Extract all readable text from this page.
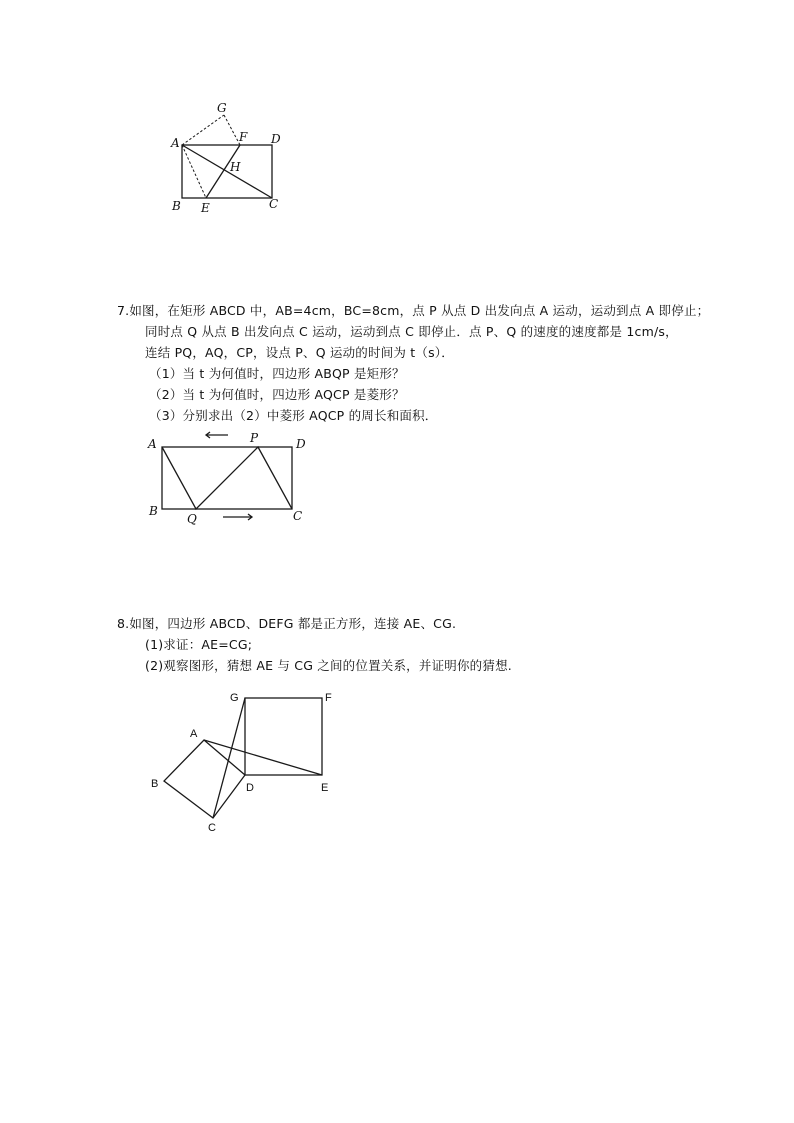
G
A	F D
H
B E	C
7.如图，在矩形 ABCD 中，AB=4cm，BC=8cm，点 P 从点 D 出发向点 A 运动，运动到点 A 即停止；
同时点 Q 从点 B 出发向点 C 运动，运动到点 C 即停止．点 P、Q 的速度的速度都是 1cm/s，
连结 PQ，AQ，CP，设点 P、Q 运动的时间为 t（s）．
（1）当 t 为何值时，四边形 ABQP 是矩形？
（2）当 t 为何值时，四边形 AQCP 是菱形？
（3）分别求出（2）中菱形 AQCP 的周长和面积．
A	P	D
B
Q	C
8.如图，四边形 ABCD、DEFG 都是正方形，连接 AE、CG.
(1)求证：AE=CG;
(2)观察图形，猜想 AE 与 CG 之间的位置关系，并证明你的猜想.
G	F
A
B	D	E
C
